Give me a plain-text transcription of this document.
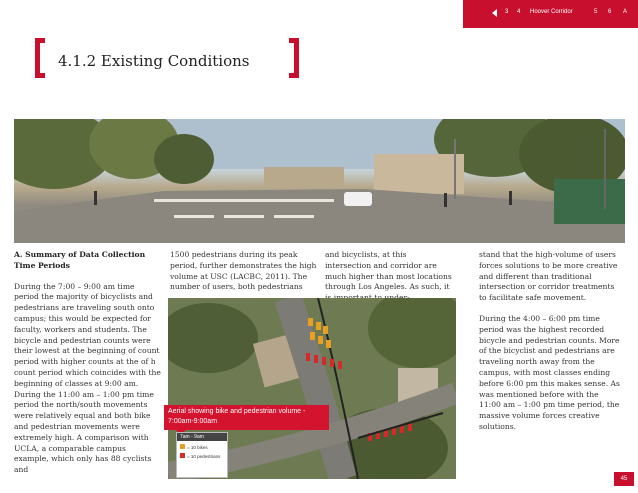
3 4 Hoover Corridor	5 6 A
4.1.2 Existing Conditions

A. Summary of Data Collection Time Periods

During the 7:00 – 9:00 am time period the majority of bicyclists and pedestrians are traveling south onto campus; this would be expected for faculty, workers and students. The bicycle and pedestrian counts were their lowest at the beginning of count period with higher counts at the of h count period which coincides with the beginning of classes at 9:00 am.

During the 11:00 am – 1:00 pm time period the north/south movements were relatively equal and both bike and pedestrian movements were extremely high. A comparison with UCLA, a comparable campus example, which only has 88 cyclists and

1500 pedestrians during its peak period, further demonstrates the high volume at USC (LACBC, 2011). The number of users, both pedestrians

and bicyclists, at this intersection and corridor are much higher than most locations through Los Angeles. As such, it

stand that the high-volume of users forces solutions to be more creative and different than traditional intersection or corridor treatments to facilitate safe movement.

During the 4:00 – 6:00 pm time period was the highest recorded bicycle and pedestrian counts. More of the bicyclist and pedestrians are traveling north away from the campus, with most classes ending before 6:00 pm this makes sense. As was mentioned before with the 11:00 am – 1:00 pm time period, the massive volume forces creative solutions.

Aerial showing bike and pedestrian volume - 7:00am-9:00am
7am - 9am
= 10 bikes
= 10 pedestrians
45
